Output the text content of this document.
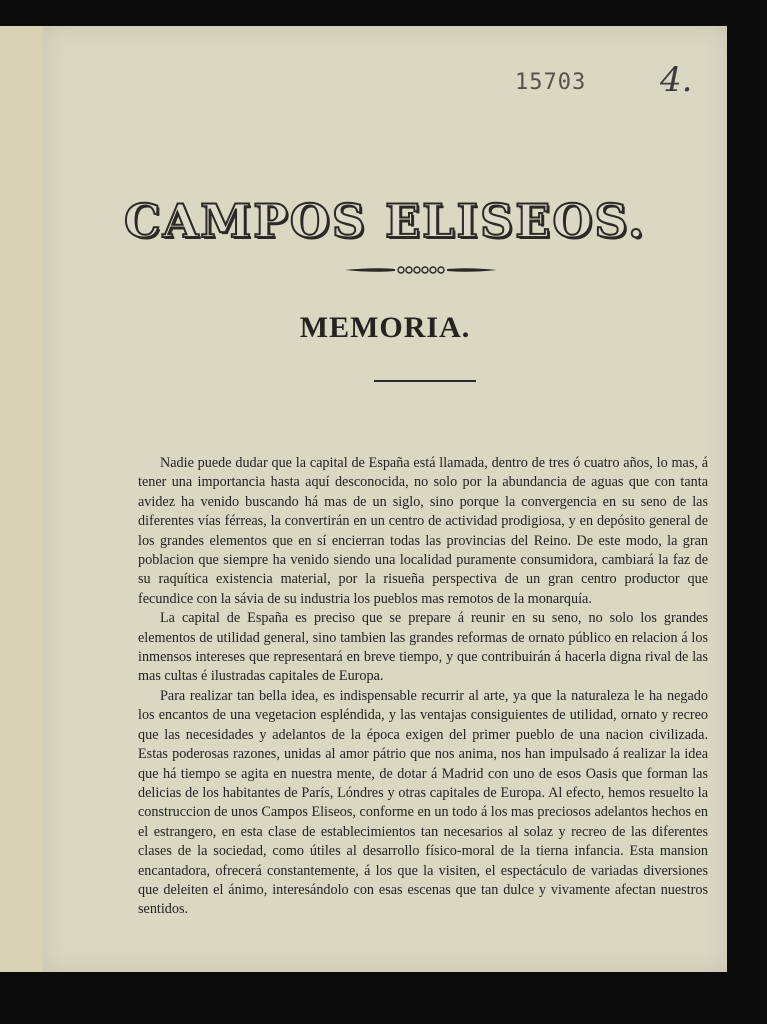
15703 4.
CAMPOS ELISEOS.
MEMORIA.

Nadie puede dudar que la capital de España está llamada, dentro de tres ó cuatro años, lo mas, á tener una importancia hasta aquí desconocida, no solo por la abundancia de aguas que con tanta avidez ha venido buscando há mas de un siglo, sino porque la convergencia en su seno de las diferentes vías férreas, la convertirán en un centro de actividad prodigiosa, y en depósito general de los grandes elementos que en sí encierran todas las provincias del Reino. De este modo, la gran poblacion que siempre ha venido siendo una localidad puramente consumidora, cambiará la faz de su raquítica existencia material, por la risueña perspectiva de un gran centro productor que fecundice con la sávia de su industria los pueblos mas remotos de la monarquía.

La capital de España es preciso que se prepare á reunir en su seno, no solo los grandes elementos de utilidad general, sino tambien las grandes reformas de ornato público en relacion á los inmensos intereses que representará en breve tiempo, y que contribuirán á hacerla digna rival de las mas cultas é ilustradas capitales de Europa.

Para realizar tan bella idea, es indispensable recurrir al arte, ya que la naturaleza le ha negado los encantos de una vegetacion espléndida, y las ventajas consiguientes de utilidad, ornato y recreo que las necesidades y adelantos de la época exigen del primer pueblo de una nacion civilizada. Estas poderosas razones, unidas al amor pátrio que nos anima, nos han impulsado á realizar la idea que há tiempo se agita en nuestra mente, de dotar á Madrid con uno de esos Oasis que forman las delicias de los habitantes de París, Lóndres y otras capitales de Europa. Al efecto, hemos resuelto la construccion de unos Campos Eliseos, conforme en un todo á los mas preciosos adelantos hechos en el estrangero, en esta clase de establecimientos tan necesarios al solaz y recreo de las diferentes clases de la sociedad, como útiles al desarrollo físico-moral de la tierna infancia. Esta mansion encantadora, ofrecerá constantemente, á los que la visiten, el espectáculo de variadas diversiones que deleiten el ánimo, interesándolo con esas escenas que tan dulce y vivamente afectan nuestros sentidos.
